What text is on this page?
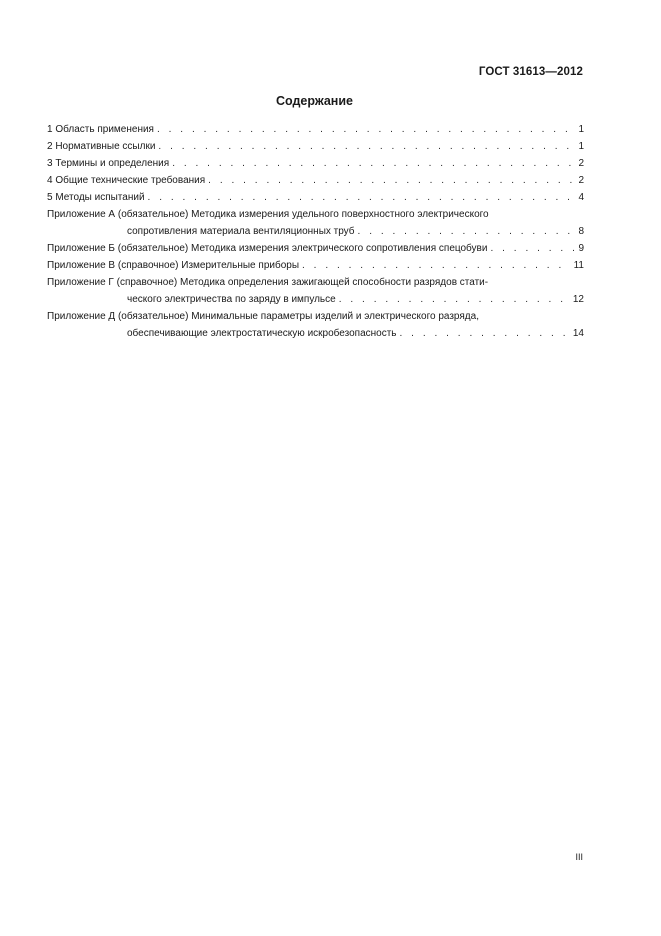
ГОСТ 31613—2012
Содержание
1 Область применения . . .	1
2 Нормативные ссылки . . .	1
3 Термины и определения . . .	2
4 Общие технические требования . . .	2
5 Методы испытаний . . .	4
Приложение А (обязательное) Методика измерения удельного поверхностного электрического
сопротивления материала вентиляционных труб . . .	8
Приложение Б (обязательное) Методика измерения электрического сопротивления спецобуви . . .	9
Приложение В (справочное) Измерительные приборы . . .	11
Приложение Г (справочное) Методика определения зажигающей способности разрядов стати-
ческого электричества по заряду в импульсе . . .	12
Приложение Д (обязательное) Минимальные параметры изделий и электрического разряда,
обеспечивающие электростатическую искробезопасность . . .	14
III
